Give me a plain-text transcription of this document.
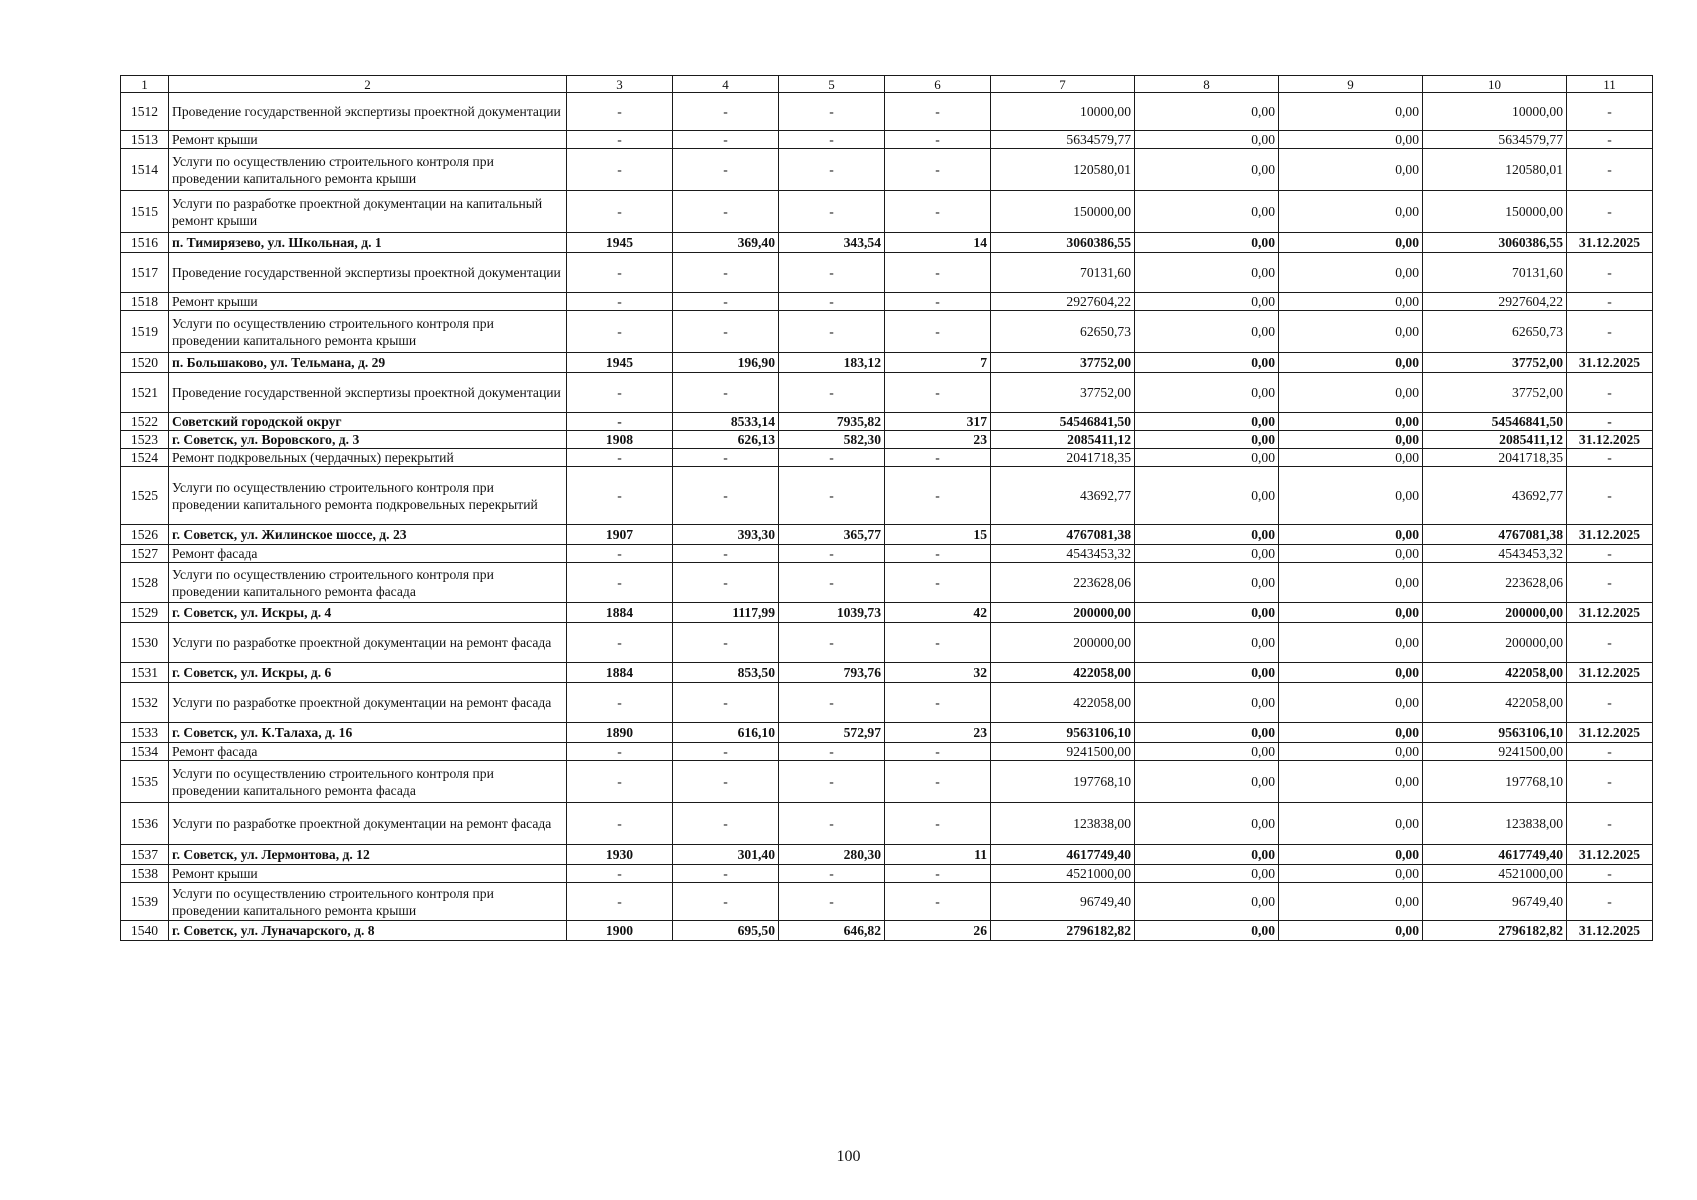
1	2	3	4	5	6	7	8	9	10	11
1512	Проведение государственной экспертизы проектной документации	-	-	-	-	10000,00	0,00	0,00	10000,00	-
1513	Ремонт крыши	-	-	-	-	5634579,77	0,00	0,00	5634579,77	-
1514	Услуги по осуществлению строительного контроля при проведении капитального ремонта крыши	-	-	-	-	120580,01	0,00	0,00	120580,01	-
1515	Услуги по разработке проектной документации на капитальный ремонт крыши	-	-	-	-	150000,00	0,00	0,00	150000,00	-
1516	п. Тимирязево, ул. Школьная, д. 1	1945	369,40	343,54	14	3060386,55	0,00	0,00	3060386,55	31.12.2025
1517	Проведение государственной экспертизы проектной документации	-	-	-	-	70131,60	0,00	0,00	70131,60	-
1518	Ремонт крыши	-	-	-	-	2927604,22	0,00	0,00	2927604,22	-
1519	Услуги по осуществлению строительного контроля при проведении капитального ремонта крыши	-	-	-	-	62650,73	0,00	0,00	62650,73	-
1520	п. Большаково, ул. Тельмана, д. 29	1945	196,90	183,12	7	37752,00	0,00	0,00	37752,00	31.12.2025
1521	Проведение государственной экспертизы проектной документации	-	-	-	-	37752,00	0,00	0,00	37752,00	-
1522	Советский городской округ	-	8533,14	7935,82	317	54546841,50	0,00	0,00	54546841,50	-
1523	г. Советск, ул. Воровского, д. 3	1908	626,13	582,30	23	2085411,12	0,00	0,00	2085411,12	31.12.2025
1524	Ремонт подкровельных (чердачных) перекрытий	-	-	-	-	2041718,35	0,00	0,00	2041718,35	-
1525	Услуги по осуществлению строительного контроля при проведении капитального ремонта подкровельных перекрытий	-	-	-	-	43692,77	0,00	0,00	43692,77	-
1526	г. Советск, ул. Жилинское шоссе, д. 23	1907	393,30	365,77	15	4767081,38	0,00	0,00	4767081,38	31.12.2025
1527	Ремонт фасада	-	-	-	-	4543453,32	0,00	0,00	4543453,32	-
1528	Услуги по осуществлению строительного контроля при проведении капитального ремонта фасада	-	-	-	-	223628,06	0,00	0,00	223628,06	-
1529	г. Советск, ул. Искры, д. 4	1884	1117,99	1039,73	42	200000,00	0,00	0,00	200000,00	31.12.2025
1530	Услуги по разработке проектной документации на ремонт фасада	-	-	-	-	200000,00	0,00	0,00	200000,00	-
1531	г. Советск, ул. Искры, д. 6	1884	853,50	793,76	32	422058,00	0,00	0,00	422058,00	31.12.2025
1532	Услуги по разработке проектной документации на ремонт фасада	-	-	-	-	422058,00	0,00	0,00	422058,00	-
1533	г. Советск, ул. К.Талаха, д. 16	1890	616,10	572,97	23	9563106,10	0,00	0,00	9563106,10	31.12.2025
1534	Ремонт фасада	-	-	-	-	9241500,00	0,00	0,00	9241500,00	-
1535	Услуги по осуществлению строительного контроля при проведении капитального ремонта фасада	-	-	-	-	197768,10	0,00	0,00	197768,10	-
1536	Услуги по разработке проектной документации на ремонт фасада	-	-	-	-	123838,00	0,00	0,00	123838,00	-
1537	г. Советск, ул. Лермонтова, д. 12	1930	301,40	280,30	11	4617749,40	0,00	0,00	4617749,40	31.12.2025
1538	Ремонт крыши	-	-	-	-	4521000,00	0,00	0,00	4521000,00	-
1539	Услуги по осуществлению строительного контроля при проведении капитального ремонта крыши	-	-	-	-	96749,40	0,00	0,00	96749,40	-
1540	г. Советск, ул. Луначарского, д. 8	1900	695,50	646,82	26	2796182,82	0,00	0,00	2796182,82	31.12.2025
100
